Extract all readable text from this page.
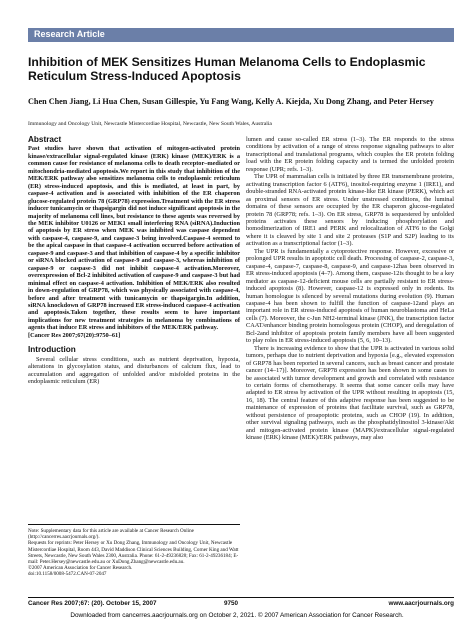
Research Article
Inhibition of MEK Sensitizes Human Melanoma Cells to Endoplasmic Reticulum Stress-Induced Apoptosis
Chen Chen Jiang, Li Hua Chen, Susan Gillespie, Yu Fang Wang, Kelly A. Kiejda, Xu Dong Zhang, and Peter Hersey
Immunology and Oncology Unit, Newcastle Mistercordiae Hospital, Newcastle, New South Wales, Australia
Abstract

Past studies have shown that activation of mitogen-activated protein kinase/extracellular signal-regulated kinase (ERK) kinase (MEK)/ERK is a common cause for resistance of melanoma cells to death receptor–mediated or mitochondria-mediated apoptosis.We report in this study that inhibition of the MEK/ERK pathway also sensitizes melanoma cells to endoplasmic reticulum (ER) stress-induced apoptosis, and this is mediated, at least in part, by caspase-4 activation and is associated with inhibition of the ER chaperon glucose-regulated protein 78 (GRP78) expression.Treatment with the ER stress inducer tunicamycin or thapsigargin did not induce significant apoptosis in the majority of melanoma cell lines, but resistance to these agents was reversed by the MEK inhibitor U0126 or MEK1 small interfering RNA (siRNA).Induction of apoptosis by ER stress when MEK was inhibited was caspase dependent with caspase-4, caspase-9, and caspase-3 being involved.Caspase-4 seemed to be the apical caspase in that caspase-4 activation occurred before activation of caspase-9 and caspase-3 and that inhibition of caspase-4 by a specific inhibitor or siRNA blocked activation of caspase-9 and caspase-3, whereas inhibition of caspase-9 or caspase-3 did not inhibit caspase-4 activation.Moreover, overexpression of Bcl-2 inhibited activation of caspase-9 and caspase-3 but had minimal effect on caspase-4 activation. Inhibition of MEK/ERK also resulted in down-regulation of GRP78, which was physically associated with caspase-4, before and after treatment with tunicamycin or thapsigargin.In addition, siRNA knockdown of GRP78 increased ER stress-induced caspase-4 activation and apoptosis.Taken together, these results seem to have important implications for new treatment strategies in melanoma by combinations of agents that induce ER stress and inhibitors of the MEK/ERK pathway.

[Cancer Res 2007;67(20):9750–61]

Introduction

Several cellular stress conditions, such as nutrient deprivation, hypoxia, alterations in glycosylation status, and disturbances of calcium flux, lead to accumulation and aggregation of unfolded and/or misfolded proteins in the endoplasmic reticulum (ER)

Note: Supplementary data for this article are available at Cancer Research Online (http://cancerres.aacrjournals.org/).
Requests for reprints: Peter Hersey or Xu Dong Zhang, Immunology and Oncology Unit, Newcastle Mistercordiae Hospital, Room 443, David Maddison Clinical Sciences Building, Corner King and Watt Streets, Newcastle, New South Wales 2300, Australia. Phone: 61-2-49236828; Fax: 61-2-49236184; E-mail: Peter.Hersey@newcastle.edu.au or XuDong.Zhang@newcastle.edu.au.
©2007 American Association for Cancer Research.
doi:10.1158/0008-5472.CAN-07-2047

lumen and cause so-called ER stress (1–3). The ER responds to the stress conditions by activation of a range of stress response signaling pathways to alter transcriptional and translational programs, which couples the ER protein folding load with the ER protein folding capacity and is termed the unfolded protein response (UPR; refs. 1–3).

The UPR of mammalian cells is initiated by three ER transmembrane proteins, activating transcription factor 6 (ATF6), inositol-requiring enzyme 1 (IRE1), and double-stranded RNA-activated protein kinase-like ER kinase (PERK), which act as proximal sensors of ER stress. Under unstressed conditions, the luminal domains of these sensors are occupied by the ER chaperon glucose-regulated protein 78 (GRP78; refs. 1–3). On ER stress, GRP78 is sequestered by unfolded proteins activates these sensors by inducing phosphorylation and homodimerization of IRE1 and PERK and relocalization of ATF6 to the Golgi where it is cleaved by site 1 and site 2 proteases (S1P and S2P) leading to its activation as a transcriptional factor (1–3).

The UPR is fundamentally a cytoprotective response. However, excessive or prolonged UPR results in apoptotic cell death. Processing of caspase-2, caspase-3, caspase-4, caspase-7, caspase-8, caspase-9, and caspase-12has been observed in ER stress-induced apoptosis (4–7). Among them, caspase-12is thought to be a key mediator as caspase-12-deficient mouse cells are partially resistant to ER stress-induced apoptosis (8). However, caspase-12 is expressed only in rodents. Its human homologue is silenced by several mutations during evolution (9). Human caspase-4 has been shown to fulfill the function of caspase-12and plays an important role in ER stress-induced apoptosis of human neuroblastoma and HeLa cells (7). Moreover, the c-Jun NH2-terminal kinase (JNK), the transcription factor CAAT/enhancer binding protein homologous protein (CHOP), and deregulation of Bcl-2and inhibitor of apoptosis protein family members have all been suggested to play roles in ER stress-induced apoptosis (5, 6, 10–13).

There is increasing evidence to show that the UPR is activated in various solid tumors, perhaps due to nutrient deprivation and hypoxia [e.g., elevated expression of GRP78 has been reported in several cancers, such as breast cancer and prostate cancer (14–17)]. Moreover, GRP78 expression has been shown in some cases to be associated with tumor development and growth and correlated with resistance to certain forms of chemotherapy. It seems that some cancer cells may have adapted to ER stress by activation of the UPR without resulting in apoptosis (15, 16, 18). The central feature of this adaptive response has been suggested to be maintenance of expression of proteins that facilitate survival, such as GRP78, without persistence of proapoptotic proteins, such as CHOP (19). In addition, other survival signaling pathways, such as the phosphatidylinositol 3-kinase/Akt and mitogen-activated protein kinase (MAPK)/extracellular signal-regulated kinase (ERK) kinase (MEK)/ERK pathways, may also

Cancer Res 2007;67: (20). October 15, 2007	9750	www.aacrjournals.org
Downloaded from cancerres.aacrjournals.org on October 2, 2021. © 2007 American Association for Cancer Research.
